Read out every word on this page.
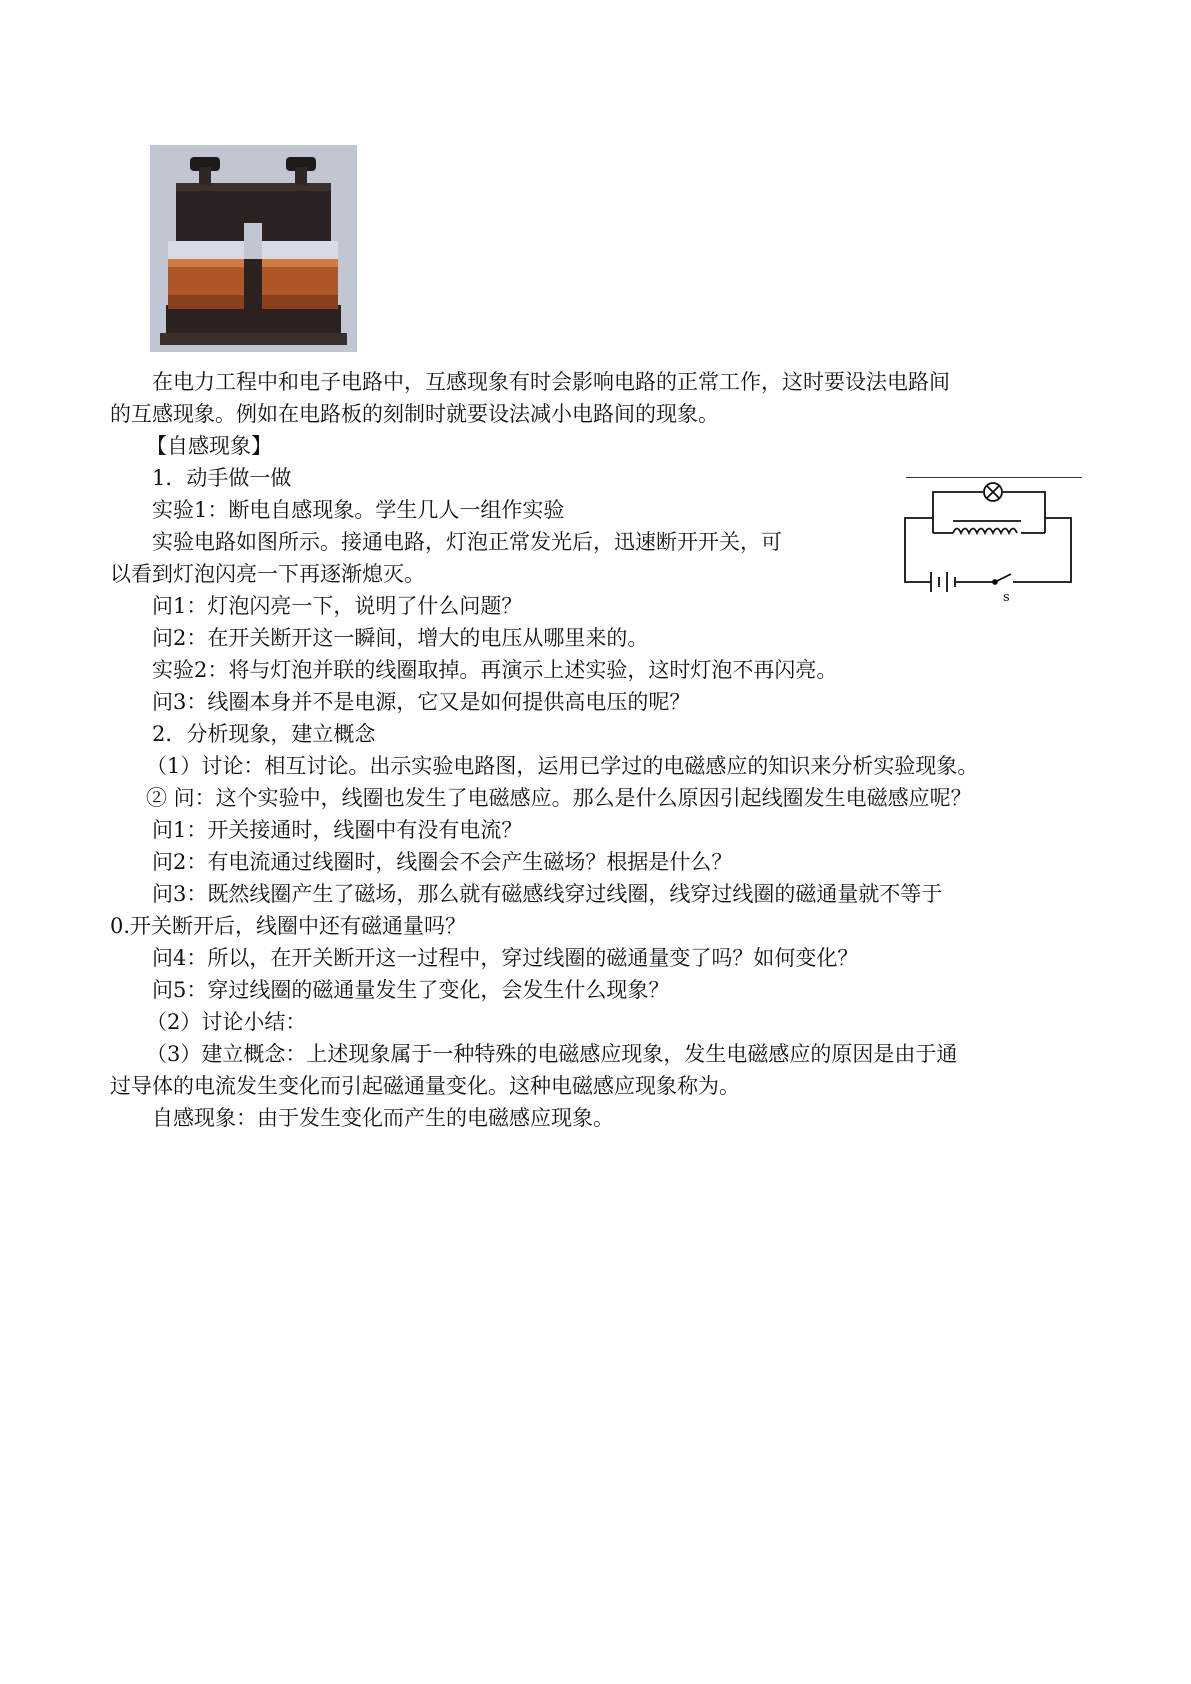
在电力工程中和电子电路中，互感现象有时会影响电路的正常工作，这时要设法电路间
的互感现象。例如在电路板的刻制时就要设法减小电路间的现象。
【自感现象】
1．动手做一做
实验1：断电自感现象。学生几人一组作实验
实验电路如图所示。接通电路，灯泡正常发光后，迅速断开开关，可
以看到灯泡闪亮一下再逐渐熄灭。
问1：灯泡闪亮一下，说明了什么问题？
问2：在开关断开这一瞬间，增大的电压从哪里来的。
实验2：将与灯泡并联的线圈取掉。再演示上述实验，这时灯泡不再闪亮。
问3：线圈本身并不是电源，它又是如何提供高电压的呢？
2．分析现象，建立概念
（1）讨论：相互讨论。出示实验电路图，运用已学过的电磁感应的知识来分析实验现象。
② 问：这个实验中，线圈也发生了电磁感应。那么是什么原因引起线圈发生电磁感应呢？
问1：开关接通时，线圈中有没有电流？
问2：有电流通过线圈时，线圈会不会产生磁场？根据是什么？
问3：既然线圈产生了磁场，那么就有磁感线穿过线圈，线穿过线圈的磁通量就不等于
0.开关断开后，线圈中还有磁通量吗？
问4：所以，在开关断开这一过程中，穿过线圈的磁通量变了吗？如何变化？
问5：穿过线圈的磁通量发生了变化，会发生什么现象？
（2）讨论小结：
（3）建立概念：上述现象属于一种特殊的电磁感应现象，发生电磁感应的原因是由于通
过导体的电流发生变化而引起磁通量变化。这种电磁感应现象称为。
自感现象：由于发生变化而产生的电磁感应现象。
s
